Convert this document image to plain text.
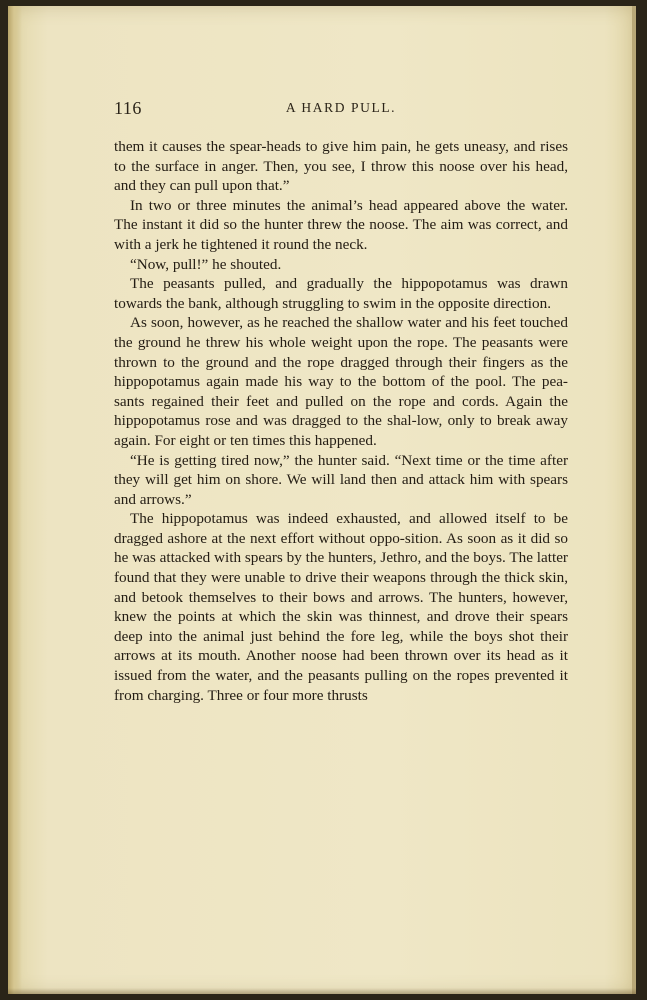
116	A HARD PULL.

them it causes the spear-heads to give him pain, he gets uneasy, and rises to the surface in anger. Then, you see, I throw this noose over his head, and they can pull upon that.”

In two or three minutes the animal’s head appeared above the water. The instant it did so the hunter threw the noose. The aim was correct, and with a jerk he tightened it round the neck.

“Now, pull!” he shouted.

The peasants pulled, and gradually the hippopotamus was drawn towards the bank, although struggling to swim in the opposite direction.

As soon, however, as he reached the shallow water and his feet touched the ground he threw his whole weight upon the rope. The peasants were thrown to the ground and the rope dragged through their fingers as the hippopotamus again made his way to the bottom of the pool. The pea-sants regained their feet and pulled on the rope and cords. Again the hippopotamus rose and was dragged to the shal-low, only to break away again. For eight or ten times this happened.

“He is getting tired now,” the hunter said. “Next time or the time after they will get him on shore. We will land then and attack him with spears and arrows.”

The hippopotamus was indeed exhausted, and allowed itself to be dragged ashore at the next effort without oppo-sition. As soon as it did so he was attacked with spears by the hunters, Jethro, and the boys. The latter found that they were unable to drive their weapons through the thick skin, and betook themselves to their bows and arrows. The hunters, however, knew the points at which the skin was thinnest, and drove their spears deep into the animal just behind the fore leg, while the boys shot their arrows at its mouth. Another noose had been thrown over its head as it issued from the water, and the peasants pulling on the ropes prevented it from charging. Three or four more thrusts
